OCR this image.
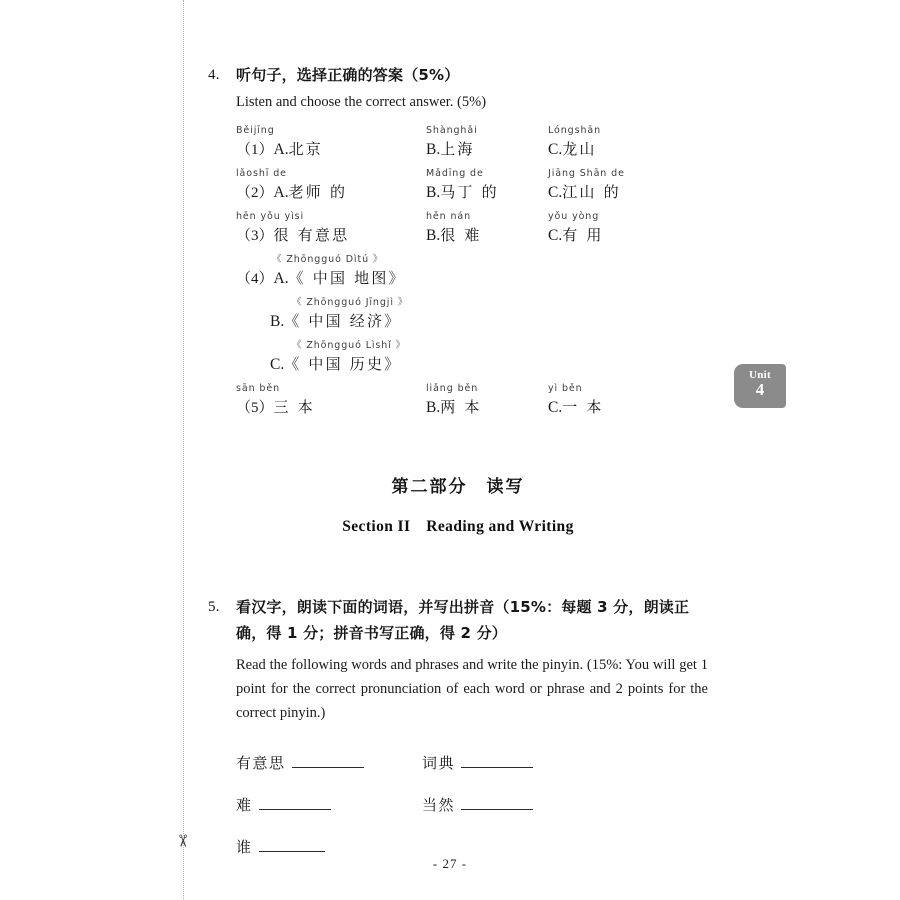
✂
Unit
4
4. 听句子，选择正确的答案（5%）
Listen and choose the correct answer. (5%)
Běijīng
（1）A.北京
Shànghǎi
B.上海
Lóngshān
C.龙山
lǎoshī de
（2）A.老师 的
Mǎdīng de
B.马丁 的
Jiāng Shān de
C.江山 的
hěn yǒu yìsi
（3）很 有意思
hěn nán
B.很 难
yǒu yòng
C.有 用
《 Zhōngguó Dìtú 》
（4）A.《 中国 地图》
《 Zhōngguó Jīngjì 》
B.《 中国 经济》
《 Zhōngguó Lìshǐ 》
C.《 中国 历史》
sān běn
（5）三 本
liǎng běn
B.两 本
yì běn
C.一 本
第二部分　读写
Section II Reading and Writing
5. 看汉字，朗读下面的词语，并写出拼音（15%：每题 3 分，朗读正确，得 1 分；拼音书写正确，得 2 分）
Read the following words and phrases and write the pinyin. (15%: You will get 1 point for the correct pronunciation of each word or phrase and 2 points for the correct pinyin.)
有意思	词典
难	当然
谁
- 27 -
